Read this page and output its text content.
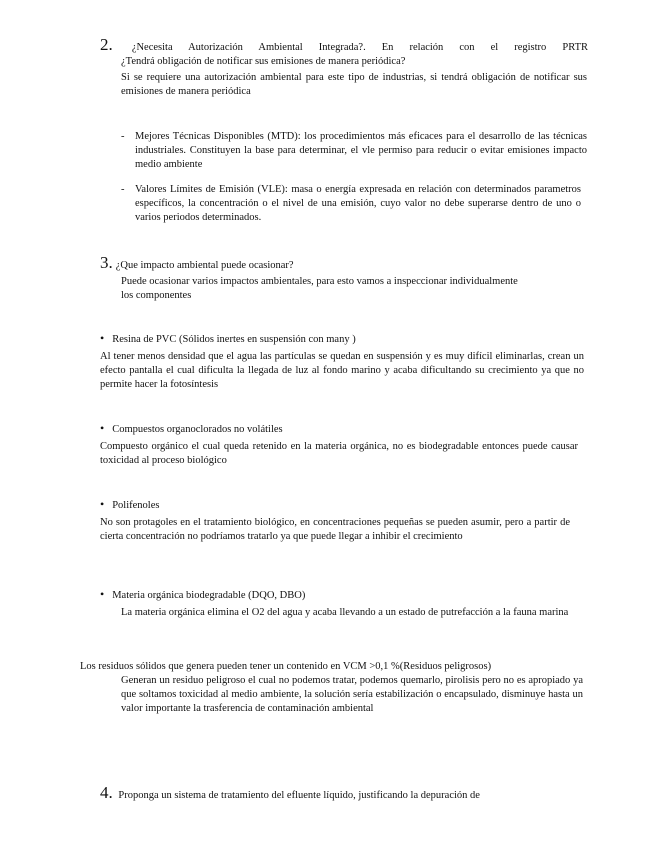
2. ¿Necesita Autorización Ambiental Integrada?. En relación con el registro PRTR

¿Tendrá obligación de notificar sus emisiones de manera periódica?

Si se requiere una autorización ambiental para este tipo de industrias, si tendrá obligación de notificar sus emisiones de manera periódica

- Mejores Técnicas Disponibles (MTD): los procedimientos más eficaces para el desarrollo de las técnicas industriales. Constituyen la base para determinar, el vle permiso para reducir o evitar emisiones impacto medio ambiente

- Valores Límites de Emisión (VLE): masa o energía expresada en relación con determinados parametros específicos, la concentración o el nivel de una emisión, cuyo valor no debe superarse dentro de uno o varios periodos determinados.

3. ¿Que impacto ambiental puede ocasionar?

Puede ocasionar varios impactos ambientales, para esto vamos a inspeccionar individualmente los componentes

• Resina de PVC (Sólidos inertes en suspensión con many )

Al tener menos densidad que el agua las partículas se quedan en suspensión y es muy difícil eliminarlas, crean un efecto pantalla el cual dificulta la llegada de luz al fondo marino y acaba dificultando su crecimiento ya que no permite hacer la fotosíntesis

• Compuestos organoclorados no volátiles

Compuesto orgánico el cual queda retenido en la materia orgánica, no es biodegradable entonces puede causar toxicidad al proceso biológico

• Polifenoles

No son protagoles en el tratamiento biológico, en concentraciones pequeñas se pueden asumir, pero a partir de cierta concentración no podríamos tratarlo ya que puede llegar a inhibir el crecimiento

• Materia orgánica biodegradable (DQO, DBO)

La materia orgánica elimina el O2 del agua y acaba llevando a un estado de putrefacción a la fauna marina

Los residuos sólidos que genera pueden tener un contenido en VCM >0,1 %(Residuos peligrosos)

Generan un residuo peligroso el cual no podemos tratar, podemos quemarlo, pirolisis pero no es apropiado ya que soltamos toxicidad al medio ambiente, la solución sería estabilización o encapsulado, disminuye hasta un valor importante la trasferencia de contaminación ambiental

4. Proponga un sistema de tratamiento del efluente líquido, justificando la depuración de
